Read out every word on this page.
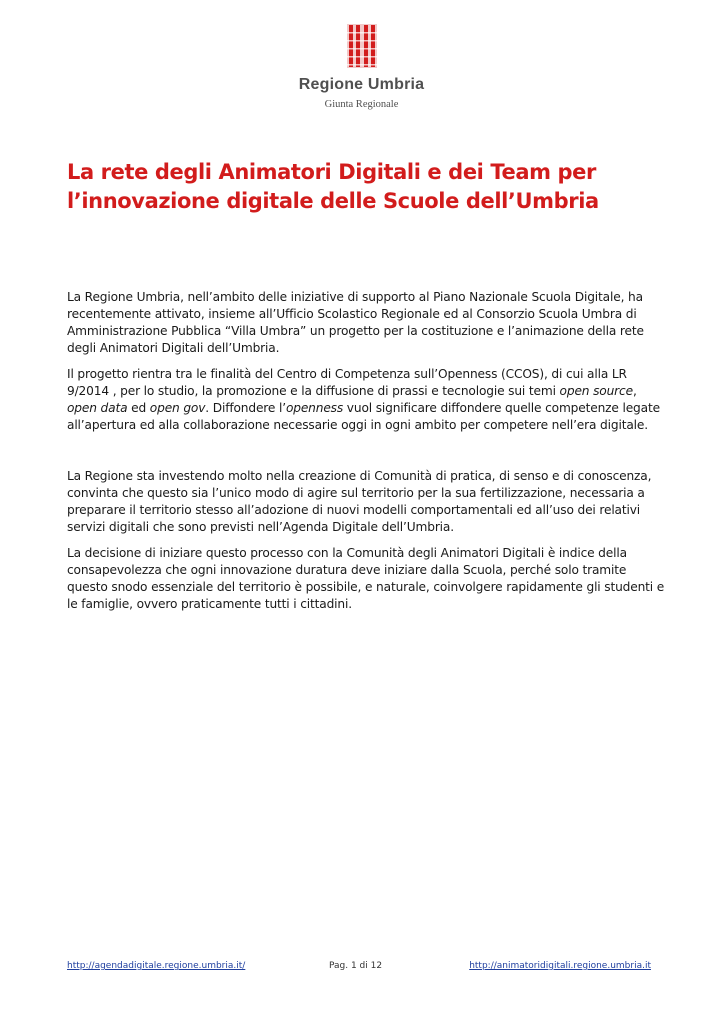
Regione Umbria
Giunta Regionale
La rete degli Animatori Digitali e dei Team per
l’innovazione digitale delle Scuole dell’Umbria

La Regione Umbria, nell’ambito delle iniziative di supporto al Piano Nazionale Scuola Digitale, ha recentemente attivato, insieme all’Ufficio Scolastico Regionale ed al Consorzio Scuola Umbra di Amministrazione Pubblica “Villa Umbra” un progetto per la costituzione e l’animazione della rete degli Animatori Digitali dell’Umbria.

Il progetto rientra tra le finalità del Centro di Competenza sull’Openness (CCOS), di cui alla LR 9/2014 , per lo studio, la promozione e la diffusione di prassi e tecnologie sui temi open source, open data ed open gov. Diffondere l’openness vuol significare diffondere quelle competenze legate all’apertura ed alla collaborazione necessarie oggi in ogni ambito per competere nell’era digitale.

La Regione sta investendo molto nella creazione di Comunità di pratica, di senso e di conoscenza, convinta che questo sia l’unico modo di agire sul territorio per la sua fertilizzazione, necessaria a preparare il territorio stesso all’adozione di nuovi modelli comportamentali ed all’uso dei relativi servizi digitali che sono previsti nell’Agenda Digitale dell’Umbria.

La decisione di iniziare questo processo con la Comunità degli Animatori Digitali è indice della consapevolezza che ogni innovazione duratura deve iniziare dalla Scuola, perché solo tramite questo snodo essenziale del territorio è possibile, e naturale, coinvolgere rapidamente gli studenti e le famiglie, ovvero praticamente tutti i cittadini.

http://agendadigitale.regione.umbria.it/	Pag. 1 di 12	http://animatoridigitali.regione.umbria.it
